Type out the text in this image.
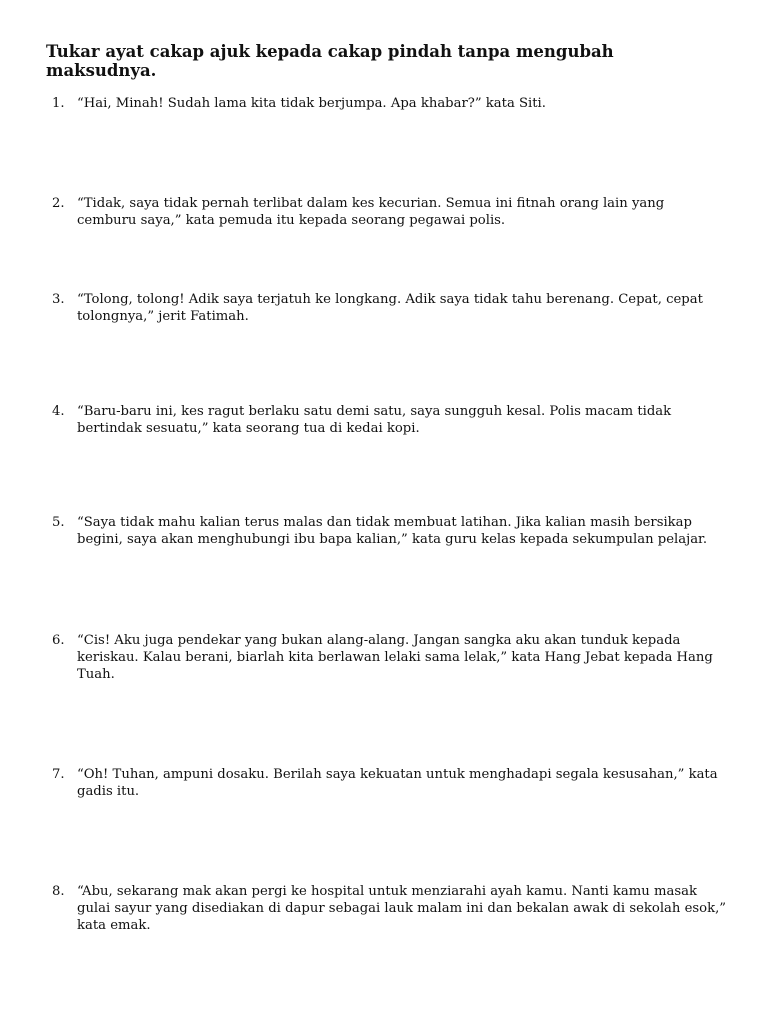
Tukar ayat cakap ajuk kepada cakap pindah tanpa mengubah maksudnya.
1. “Hai, Minah! Sudah lama kita tidak berjumpa. Apa khabar?” kata Siti.

2. “Tidak, saya tidak pernah terlibat dalam kes kecurian. Semua ini fitnah orang lain yang cemburu saya,” kata pemuda itu kepada seorang pegawai polis.

3. “Tolong, tolong! Adik saya terjatuh ke longkang. Adik saya tidak tahu berenang. Cepat, cepat tolongnya,” jerit Fatimah.

4. “Baru-baru ini, kes ragut berlaku satu demi satu, saya sungguh kesal. Polis macam tidak bertindak sesuatu,” kata seorang tua di kedai kopi.

5. “Saya tidak mahu kalian terus malas dan tidak membuat latihan. Jika kalian masih bersikap begini, saya akan menghubungi ibu bapa kalian,” kata guru kelas kepada sekumpulan pelajar.

6. “Cis! Aku juga pendekar yang bukan alang-alang. Jangan sangka aku akan tunduk kepada keriskau. Kalau berani, biarlah kita berlawan lelaki sama lelak,” kata Hang Jebat kepada Hang Tuah.

7. “Oh! Tuhan, ampuni dosaku. Berilah saya kekuatan untuk menghadapi segala kesusahan,” kata gadis itu.

8. “Abu, sekarang mak akan pergi ke hospital untuk menziarahi ayah kamu. Nanti kamu masak gulai sayur yang disediakan di dapur sebagai lauk malam ini dan bekalan awak di sekolah esok,” kata emak.
